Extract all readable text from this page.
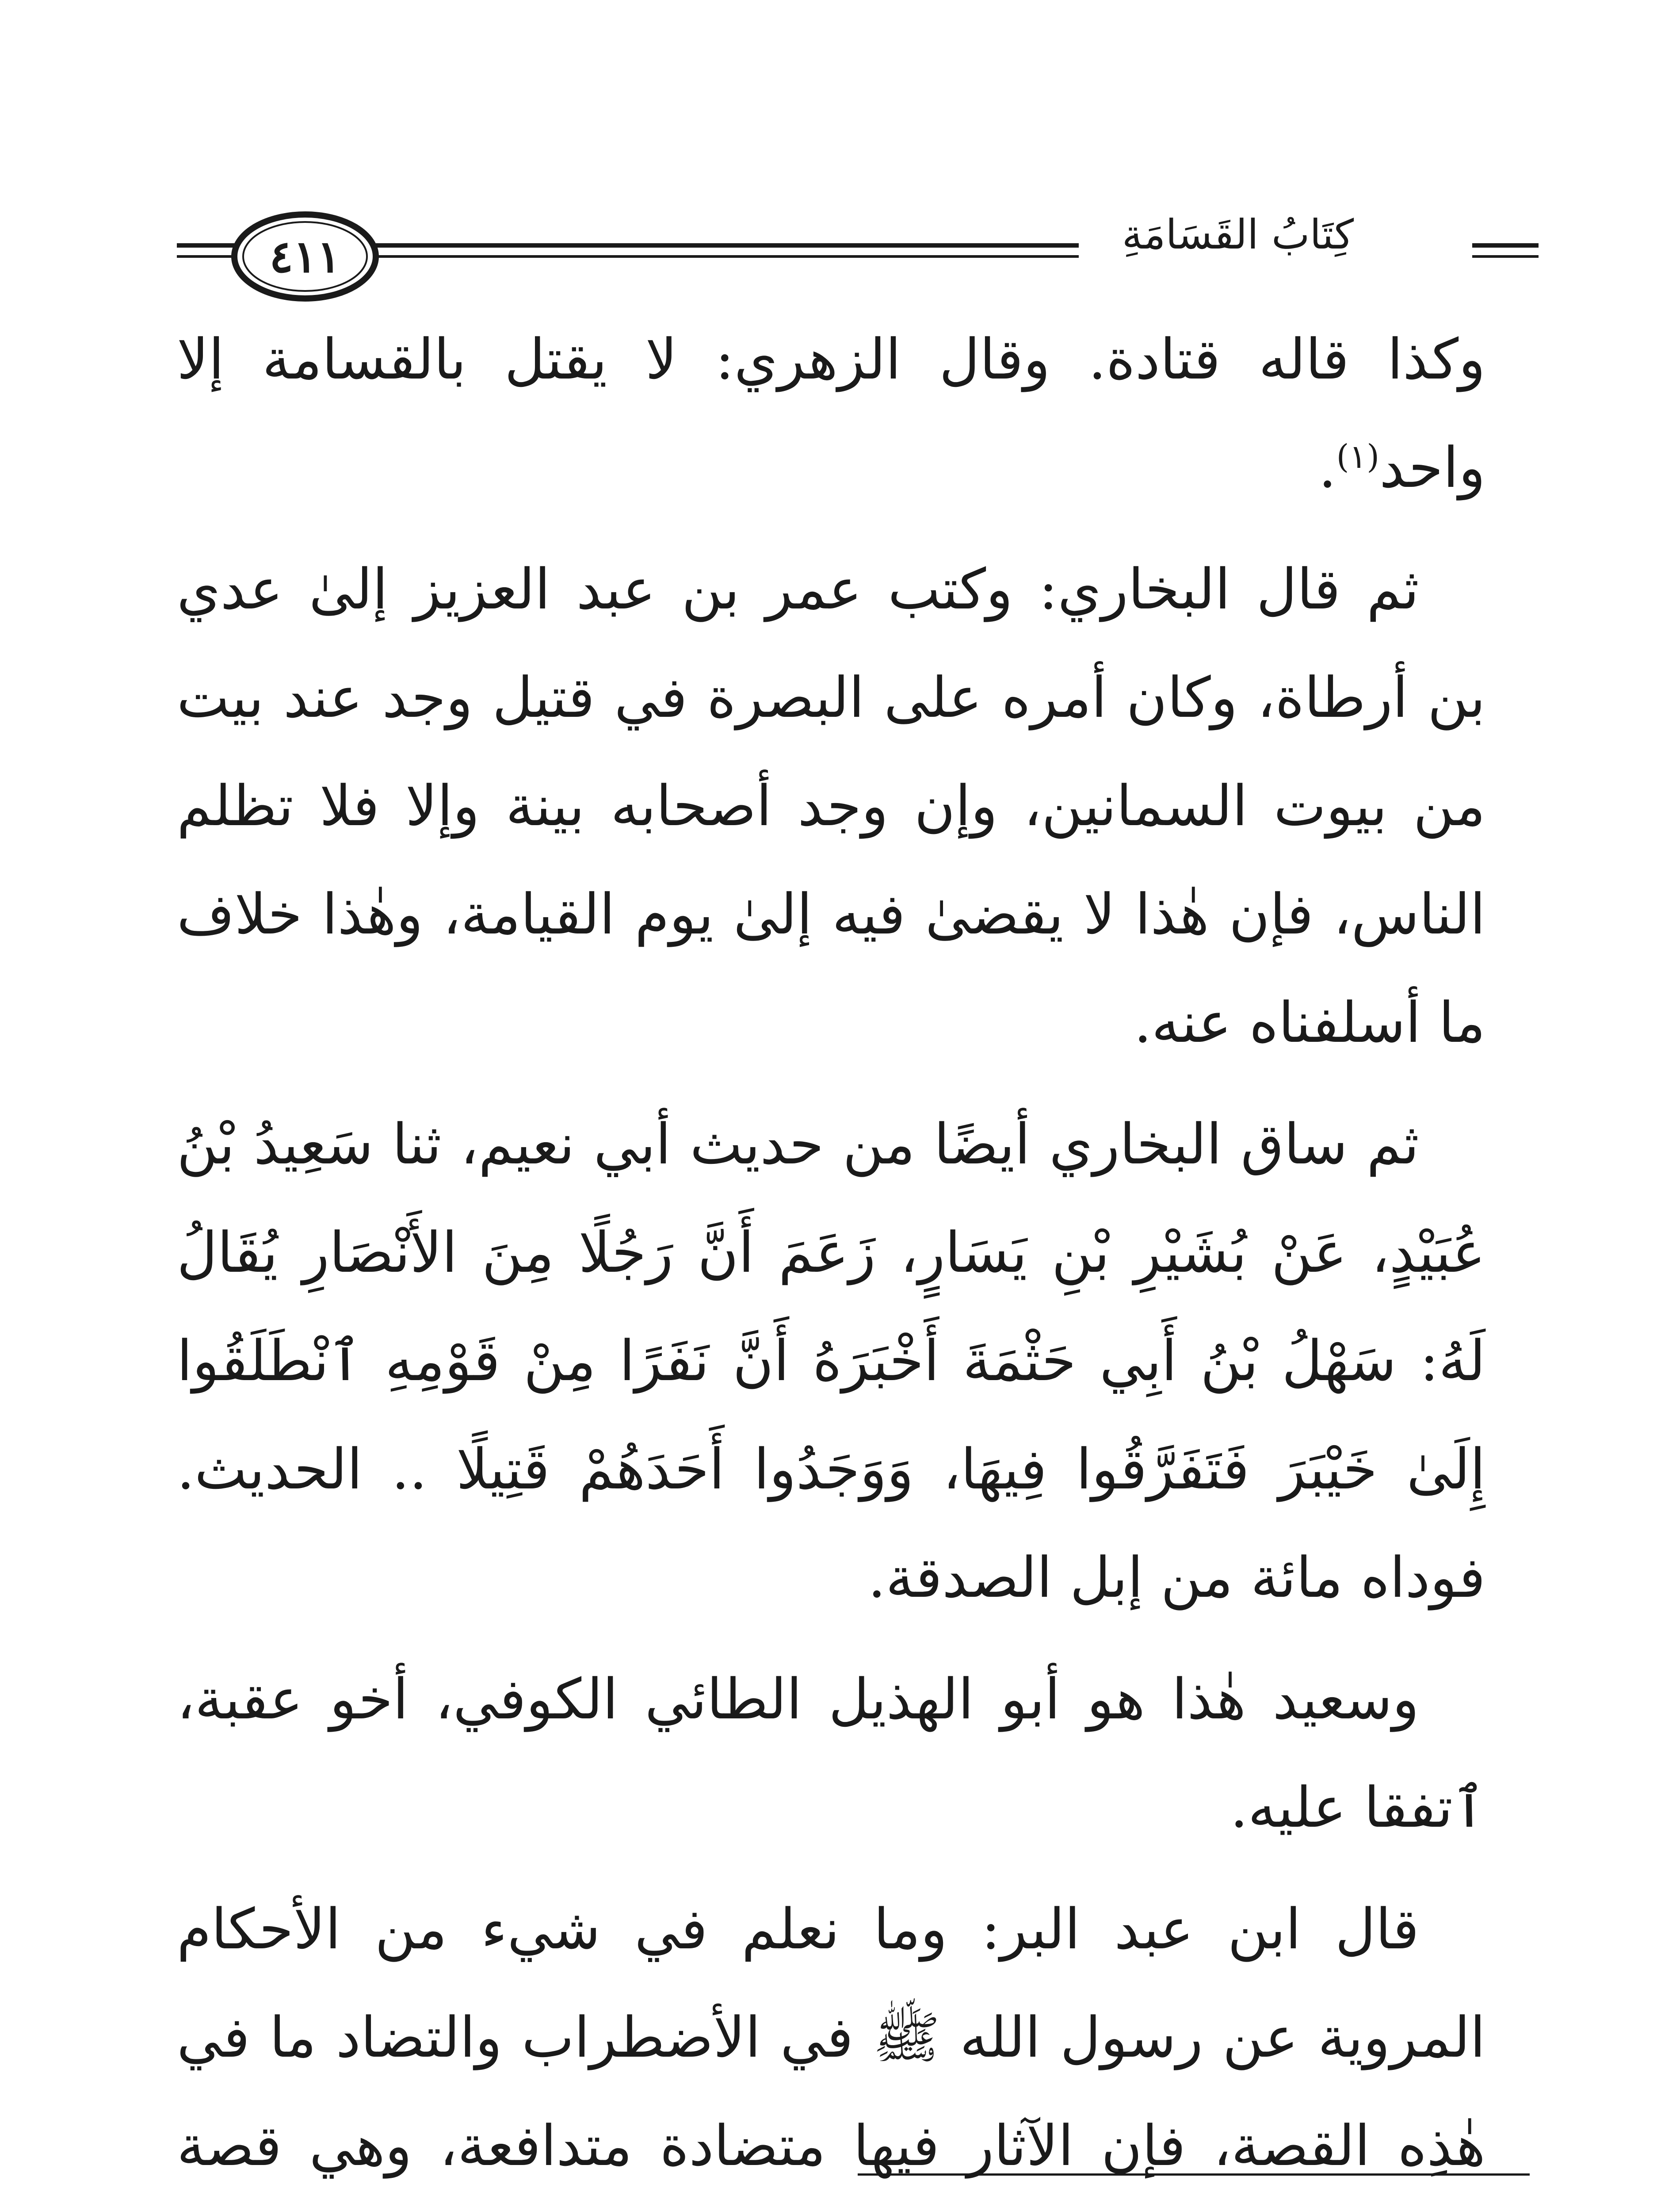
كِتَابُ القَسَامَةِ
٤١١

وكذا قاله قتادة. وقال الزهري: لا يقتل بالقسامة إلا واحد$^{(١)}$.

ثم قال البخاري: وكتب عمر بن عبد العزيز إلىٰ عدي بن أرطاة، وكان أمره على البصرة في قتيل وجد عند بيت من بيوت السمانين، وإن وجد أصحابه بينة وإلا فلا تظلم الناس، فإن هٰذا لا يقضىٰ فيه إلىٰ يوم القيامة، وهٰذا خلاف ما أسلفناه عنه.

ثم ساق البخاري أيضًا من حديث أبي نعيم، ثنا سَعِيدُ بْنُ عُبَيْدٍ، عَنْ بُشَيْرِ بْنِ يَسَارٍ، زَعَمَ أَنَّ رَجُلًا مِنَ الأَنْصَارِ يُقَالُ لَهُ: سَهْلُ بْنُ أَبِي حَثْمَةَ أَخْبَرَهُ أَنَّ نَفَرًا مِنْ قَوْمِهِ ٱنْطَلَقُوا إِلَىٰ خَيْبَرَ فَتَفَرَّقُوا فِيهَا، وَوَجَدُوا أَحَدَهُمْ قَتِيلًا .. الحديث. فوداه مائة من إبل الصدقة.

وسعيد هٰذا هو أبو الهذيل الطائي الكوفي، أخو عقبة، ٱتفقا عليه.

قال ابن عبد البر: وما نعلم في شيء من الأحكام المروية عن رسول الله ﷺ في الأضطراب والتضاد ما في هٰذِه القصة، فإن الآثار فيها متضادة متدافعة، وهي قصة
